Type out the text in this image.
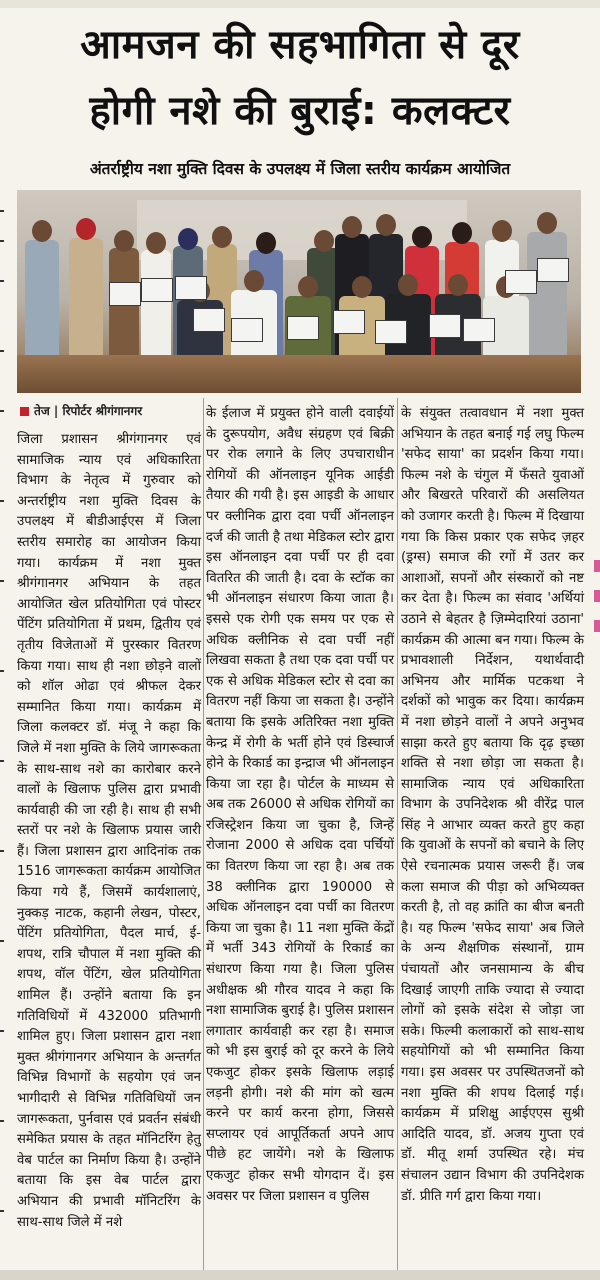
आमजन की सहभागिता से दूर
होगी नशे की बुराई: कलक्टर
अंतर्राष्ट्रीय नशा मुक्ति दिवस के उपलक्ष्य में जिला स्तरीय कार्यक्रम आयोजित
तेज | रिपोर्टर श्रीगंगानगर
जिला प्रशासन श्रीगंगानगर एवं सामाजिक न्याय एवं अधिकारिता विभाग के नेतृत्व में गुरुवार को अन्तर्राष्ट्रीय नशा मुक्ति दिवस के उपलक्ष्य में बीडीआईएस में जिला स्तरीय समारोह का आयोजन किया गया। कार्यक्रम में नशा मुक्त श्रीगंगानगर अभियान के तहत आयोजित खेल प्रतियोगिता एवं पोस्टर पेंटिंग प्रतियोगिता में प्रथम, द्वितीय एवं तृतीय विजेताओं में पुरस्कार वितरण किया गया। साथ ही नशा छोड़ने वालों को शॉल ओढा एवं श्रीफल देकर सम्मानित किया गया। कार्यक्रम में जिला कलक्टर डॉ. मंजू ने कहा कि जिले में नशा मुक्ति के लिये जागरूकता के साथ-साथ नशे का कारोबार करने वालों के खिलाफ पुलिस द्वारा प्रभावी कार्यवाही की जा रही है। साथ ही सभी स्तरों पर नशे के खिलाफ प्रयास जारी हैं। जिला प्रशासन द्वारा आदिनांक तक 1516 जागरूकता कार्यक्रम आयोजित किया गये हैं, जिसमें कार्यशालाएं, नुक्कड़ नाटक, कहानी लेखन, पोस्टर, पेंटिंग प्रतियोगिता, पैदल मार्च, ई-शपथ, रात्रि चौपाल में नशा मुक्ति की शपथ, वॉल पेंटिंग, खेल प्रतियोगिता शामिल हैं। उन्होंने बताया कि इन गतिविधियों में 432000 प्रतिभागी शामिल हुए। जिला प्रशासन द्वारा नशा मुक्त श्रीगंगानगर अभियान के अन्तर्गत विभिन्न विभागों के सहयोग एवं जन भागीदारी से विभिन्न गतिविधियों जन जागरूकता, पुर्नवास एवं प्रवर्तन संबंधी समेकित प्रयास के तहत मॉनिटरिंग हेतु वेब पार्टल का निर्माण किया है। उन्होंने बताया कि इस वेब पार्टल द्वारा अभियान की प्रभावी मॉनिटरिंग के साथ-साथ जिले में नशे
के ईलाज में प्रयुक्त होने वाली दवाईयों के दुरूपयोग, अवैध संग्रहण एवं बिक्री पर रोक लगाने के लिए उपचाराधीन रोगियों की ऑनलाइन यूनिक आईडी तैयार की गयी है। इस आइडी के आधार पर क्लीनिक द्वारा दवा पर्ची ऑनलाइन दर्ज की जाती है तथा मेडिकल स्टोर द्वारा इस ऑनलाइन दवा पर्ची पर ही दवा वितरित की जाती है। दवा के स्टॉक का भी ऑनलाइन संधारण किया जाता है। इससे एक रोगी एक समय पर एक से अधिक क्लीनिक से दवा पर्ची नहीं लिखवा सकता है तथा एक दवा पर्ची पर एक से अधिक मेडिकल स्टोर से दवा का वितरण नहीं किया जा सकता है। उन्होंने बताया कि इसके अतिरिक्त नशा मुक्ति केन्द्र में रोगी के भर्ती होने एवं डिस्चार्ज होने के रिकार्ड का इन्द्राज भी ऑनलाइन किया जा रहा है। पोर्टल के माध्यम से अब तक 26000 से अधिक रोगियों का रजिस्ट्रेशन किया जा चुका है, जिन्हें रोजाना 2000 से अधिक दवा पर्चियों का वितरण किया जा रहा है। अब तक 38 क्लीनिक द्वारा 190000 से अधिक ऑनलाइन दवा पर्ची का वितरण किया जा चुका है। 11 नशा मुक्ति केंद्रों में भर्ती 343 रोगियों के रिकार्ड का संधारण किया गया है। जिला पुलिस अधीक्षक श्री गौरव यादव ने कहा कि नशा सामाजिक बुराई है। पुलिस प्रशासन लगातार कार्यवाही कर रहा है। समाज को भी इस बुराई को दूर करने के लिये एकजुट होकर इसके खिलाफ लड़ाई लड़नी होगी। नशे की मांग को खत्म करने पर कार्य करना होगा, जिससे सप्लायर एवं आपूर्तिकर्ता अपने आप पीछे हट जायेंगे। नशे के खिलाफ एकजुट होकर सभी योगदान दें। इस अवसर पर जिला प्रशासन व पुलिस
के संयुक्त तत्वावधान में नशा मुक्त अभियान के तहत बनाई गई लघु फिल्म 'सफेद साया' का प्रदर्शन किया गया। फिल्म नशे के चंगुल में फँसते युवाओं और बिखरते परिवारों की असलियत को उजागर करती है। फिल्म में दिखाया गया कि किस प्रकार एक सफेद ज़हर (ड्रग्स) समाज की रगों में उतर कर आशाओं, सपनों और संस्कारों को नष्ट कर देता है। फिल्म का संवाद 'अर्थियां उठाने से बेहतर है ज़िम्मेदारियां उठाना' कार्यक्रम की आत्मा बन गया। फिल्म के प्रभावशाली निर्देशन, यथार्थवादी अभिनय और मार्मिक पटकथा ने दर्शकों को भावुक कर दिया। कार्यक्रम में नशा छोड़ने वालों ने अपने अनुभव साझा करते हुए बताया कि दृढ़ इच्छा शक्ति से नशा छोड़ा जा सकता है। सामाजिक न्याय एवं अधिकारिता विभाग के उपनिदेशक श्री वीरेंद्र पाल सिंह ने आभार व्यक्त करते हुए कहा कि युवाओं के सपनों को बचाने के लिए ऐसे रचनात्मक प्रयास जरूरी हैं। जब कला समाज की पीड़ा को अभिव्यक्त करती है, तो वह क्रांति का बीज बनती है। यह फिल्म 'सफेद साया' अब जिले के अन्य शैक्षणिक संस्थानों, ग्राम पंचायतों और जनसामान्य के बीच दिखाई जाएगी ताकि ज्यादा से ज्यादा लोगों को इसके संदेश से जोड़ा जा सके। फिल्मी कलाकारों को साथ-साथ सहयोगियों को भी सम्मानित किया गया। इस अवसर पर उपस्थितजनों को नशा मुक्ति की शपथ दिलाई गई। कार्यक्रम में प्रशिक्षु आईएएस सुश्री आदिति यादव, डॉ. अजय गुप्ता एवं डॉ. मीतू शर्मा उपस्थित रहे। मंच संचालन उद्यान विभाग की उपनिदेशक डॉ. प्रीति गर्ग द्वारा किया गया।
